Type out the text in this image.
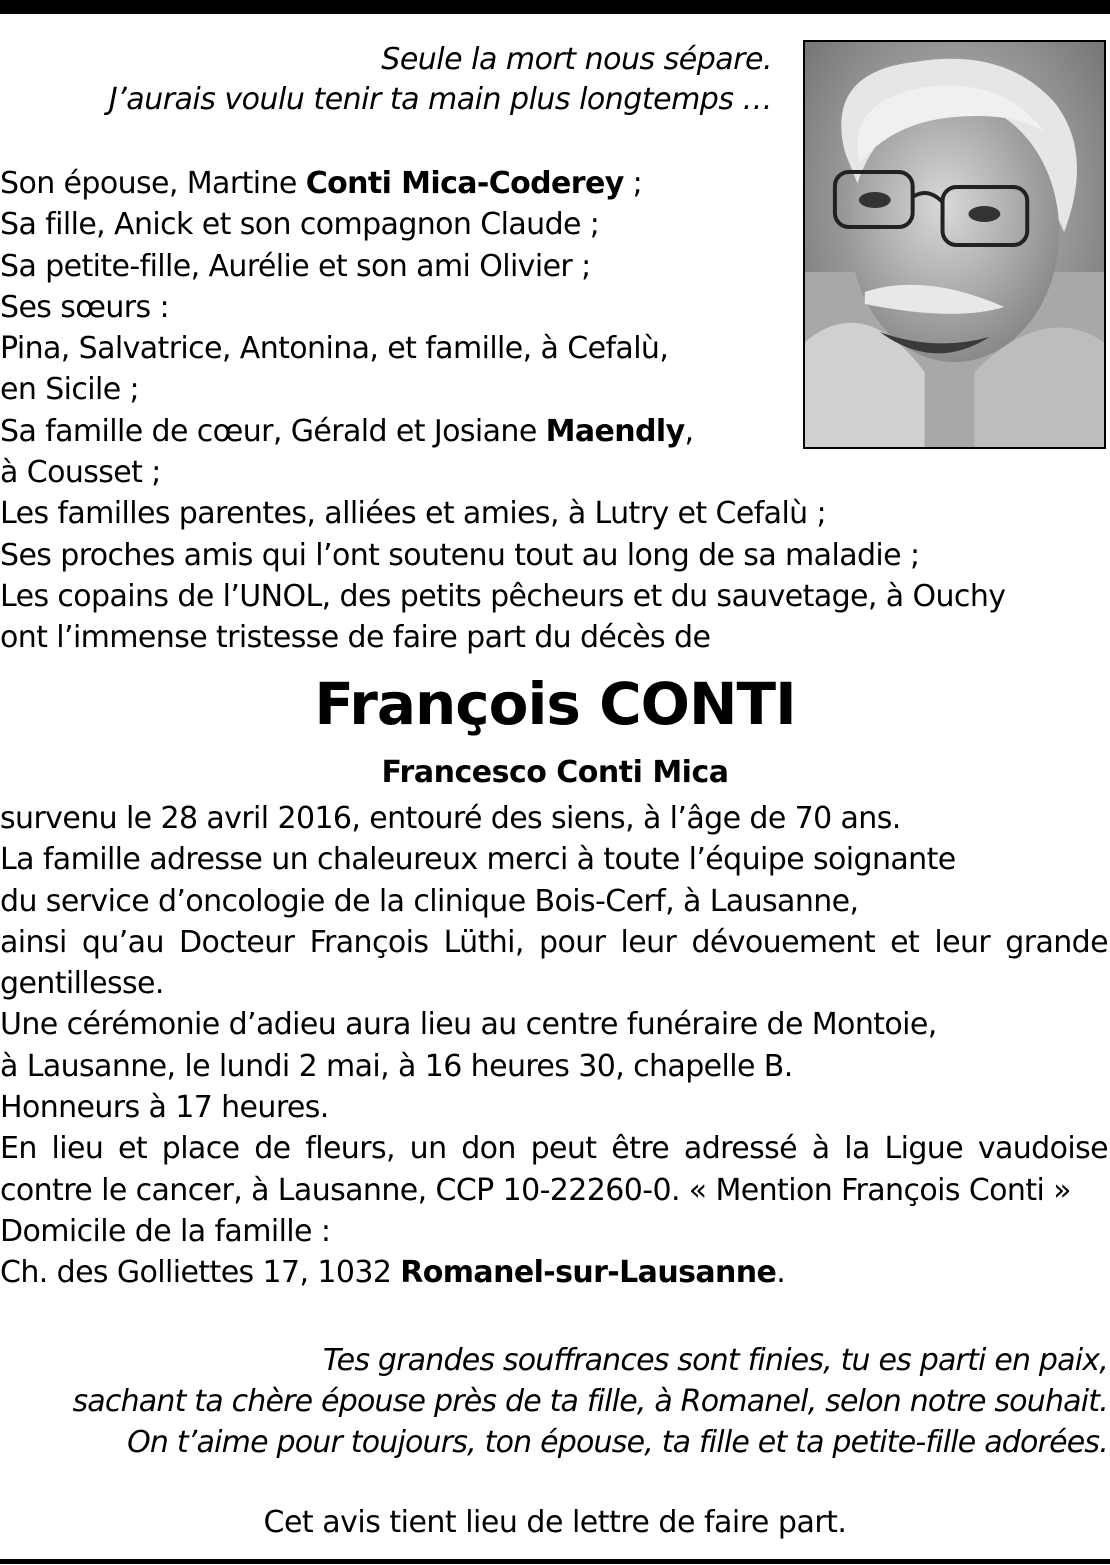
Seule la mort nous sépare.
J’aurais voulu tenir ta main plus longtemps …
Son épouse, Martine Conti Mica-Coderey ;
Sa fille, Anick et son compagnon Claude ;
Sa petite-fille, Aurélie et son ami Olivier ;
Ses sœurs :
Pina, Salvatrice, Antonina, et famille, à Cefalù,
en Sicile ;
Sa famille de cœur, Gérald et Josiane Maendly,
à Cousset ;
Les familles parentes, alliées et amies, à Lutry et Cefalù ;
Ses proches amis qui l’ont soutenu tout au long de sa maladie ;
Les copains de l’UNOL, des petits pêcheurs et du sauvetage, à Ouchy
ont l’immense tristesse de faire part du décès de
François CONTI
Francesco Conti Mica
survenu le 28 avril 2016, entouré des siens, à l’âge de 70 ans.
La famille adresse un chaleureux merci à toute l’équipe soignante
du service d’oncologie de la clinique Bois-Cerf, à Lausanne,
ainsi qu’au Docteur François Lüthi, pour leur dévouement et leur grande
gentillesse.
Une cérémonie d’adieu aura lieu au centre funéraire de Montoie,
à Lausanne, le lundi 2 mai, à 16 heures 30, chapelle B.
Honneurs à 17 heures.
En lieu et place de fleurs, un don peut être adressé à la Ligue vaudoise
contre le cancer, à Lausanne, CCP 10-22260-0. « Mention François Conti »
Domicile de la famille :
Ch. des Golliettes 17, 1032 Romanel-sur-Lausanne.
Tes grandes souffrances sont finies, tu es parti en paix,
sachant ta chère épouse près de ta fille, à Romanel, selon notre souhait.
On t’aime pour toujours, ton épouse, ta fille et ta petite-fille adorées.
Cet avis tient lieu de lettre de faire part.
